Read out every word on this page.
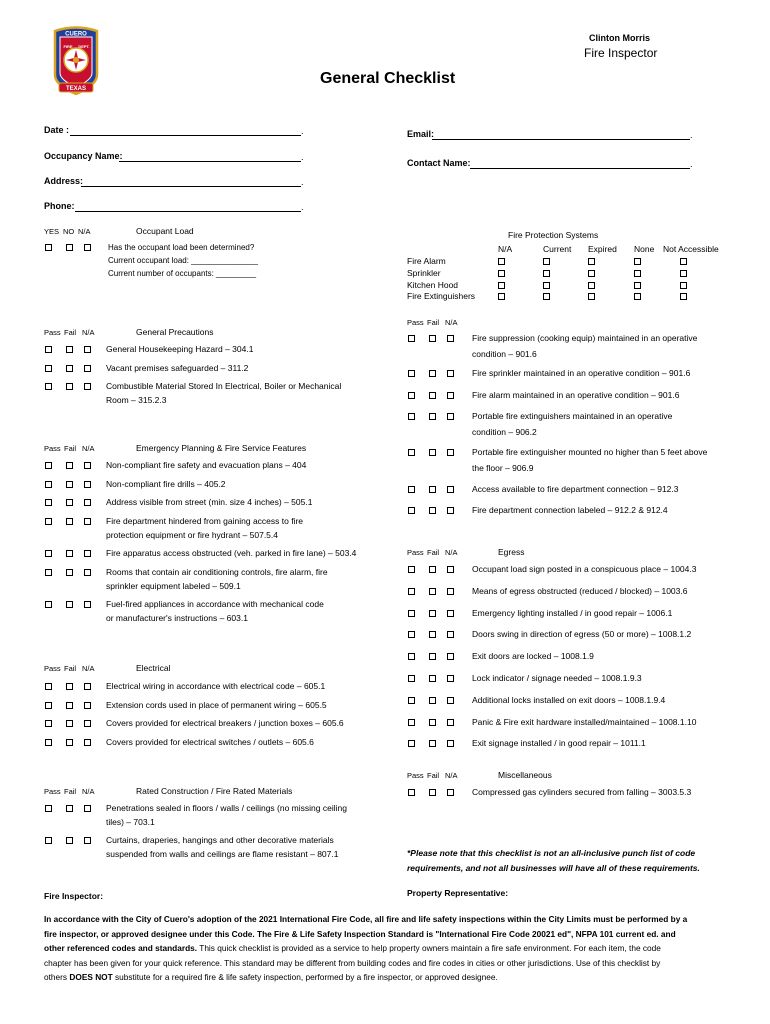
CUERO
FIRE DEPT.
TEXAS
Clinton Morris
Fire Inspector
General Checklist
Date :	.
Occupancy Name:	.
Address:	.
Phone:	.
Email:	.
Contact Name:	.
YES NO N/A	Occupant Load
Has the occupant load been determined?
Current occupant load: _______________
Current number of occupants: _________
Fire Protection Systems
N/A	Current Expired None Not Accessible
Fire Alarm
Sprinkler
Kitchen Hood
Fire Extinguishers
Pass Fail N/A	General Precautions
General Housekeeping Hazard – 304.1
Vacant premises safeguarded – 311.2
Combustible Material Stored In Electrical, Boiler or Mechanical
Room – 315.2.3
Pass Fail N/A	Emergency Planning & Fire Service Features
Non-compliant fire safety and evacuation plans – 404
Non-compliant fire drills – 405.2
Address visible from street (min. size 4 inches) – 505.1
Fire department hindered from gaining access to fire
protection equipment or fire hydrant – 507.5.4
Fire apparatus access obstructed (veh. parked in fire lane) – 503.4
Rooms that contain air conditioning controls, fire alarm, fire
sprinkler equipment labeled – 509.1
Fuel-fired appliances in accordance with mechanical code
or manufacturer's instructions – 603.1
Pass Fail N/A	Electrical
Electrical wiring in accordance with electrical code – 605.1
Extension cords used in place of permanent wiring – 605.5
Covers provided for electrical breakers / junction boxes – 605.6
Covers provided for electrical switches / outlets – 605.6
Pass Fail N/A	Rated Construction / Fire Rated Materials
Penetrations sealed in floors / walls / ceilings (no missing ceiling
tiles) – 703.1
Curtains, draperies, hangings and other decorative materials
suspended from walls and ceilings are flame resistant – 807.1
Pass Fail N/A
Fire suppression (cooking equip) maintained in an operative
condition – 901.6
Fire sprinkler maintained in an operative condition – 901.6
Fire alarm maintained in an operative condition – 901.6
Portable fire extinguishers maintained in an operative
condition – 906.2
Portable fire extinguisher mounted no higher than 5 feet above
the floor – 906.9
Access available to fire department connection – 912.3
Fire department connection labeled – 912.2 & 912.4
Pass Fail N/A	Egress
Occupant load sign posted in a conspicuous place – 1004.3
Means of egress obstructed (reduced / blocked) – 1003.6
Emergency lighting installed / in good repair – 1006.1
Doors swing in direction of egress (50 or more) – 1008.1.2
Exit doors are locked – 1008.1.9
Lock indicator / signage needed – 1008.1.9.3
Additional locks installed on exit doors – 1008.1.9.4
Panic & Fire exit hardware installed/maintained – 1008.1.10
Exit signage installed / in good repair – 1011.1
Pass Fail N/A	Miscellaneous
Compressed gas cylinders secured from falling – 3003.5.3
*Please note that this checklist is not an all-inclusive punch list of code
requirements, and not all businesses will have all of these requirements.
Fire Inspector:	Property Representative:
In accordance with the City of Cuero's adoption of the 2021 International Fire Code, all fire and life safety inspections within the City Limits must be performed by a
fire inspector, or approved designee under this Code. The Fire & Life Safety Inspection Standard is "International Fire Code 20021 ed", NFPA 101 current ed. and
other referenced codes and standards. This quick checklist is provided as a service to help property owners maintain a fire safe environment. For each item, the code
chapter has been given for your quick reference. This standard may be different from building codes and fire codes in cities or other jurisdictions. Use of this checklist by
others DOES NOT substitute for a required fire & life safety inspection, performed by a fire inspector, or approved designee.
